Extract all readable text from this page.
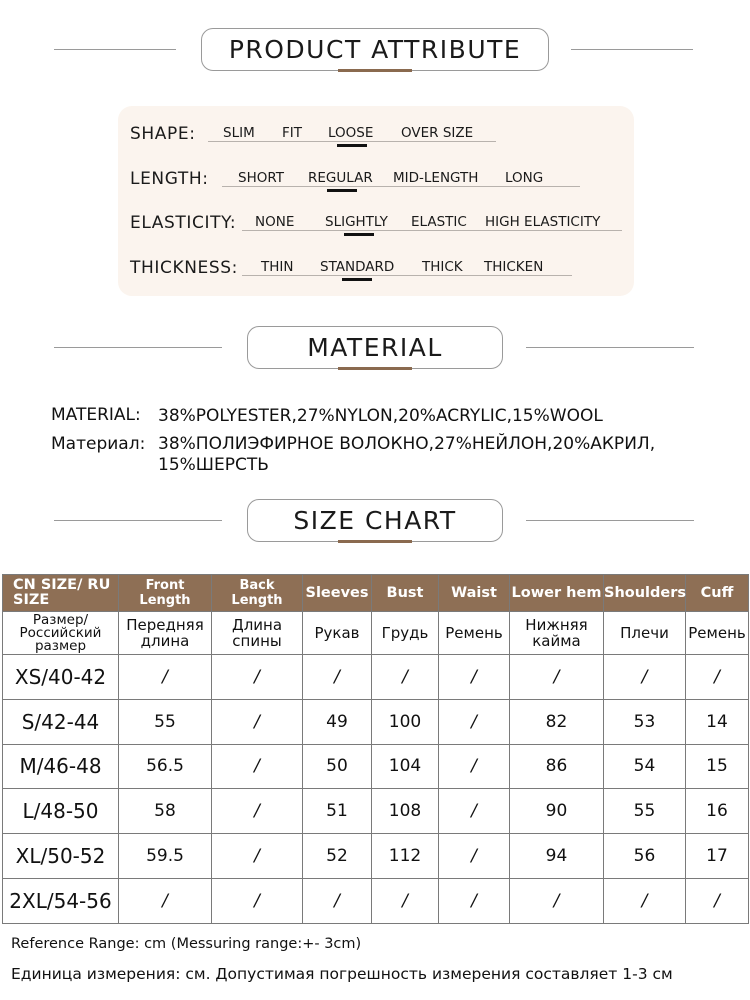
PRODUCT ATTRIBUTE
SHAPE: SLIM FIT LOOSE OVER SIZE
LENGTH: SHORT REGULAR MID-LENGTH LONG
ELASTICITY: NONE SLIGHTLY ELASTIC HIGH ELASTICITY
THICKNESS: THIN STANDARD THICK THICKEN
MATERIAL
MATERIAL: 38%POLYESTER,27%NYLON,20%ACRYLIC,15%WOOL
Материал: 38%ПОЛИЭФИРНОЕ ВОЛОКНО,27%НЕЙЛОН,20%АКРИЛ,
15%ШЕРСТЬ
SIZE CHART
CN SIZE/ RU SIZE	Front Length	Back Length	Sleeves	Bust	Waist	Lower hem	Shoulders	Cuff
Размер/ Российский размер	Передняя длина	Длина спины	Рукав	Грудь	Ремень	Нижняя кайма	Плечи	Ремень
XS/40-42	/	/	/	/	/	/	/	/
S/42-44	55	/	49	100	/	82	53	14
M/46-48	56.5	/	50	104	/	86	54	15
L/48-50	58	/	51	108	/	90	55	16
XL/50-52	59.5	/	52	112	/	94	56	17
2XL/54-56	/	/	/	/	/	/	/	/
Reference Range: cm (Messuring range:+- 3cm)
Единица измерения: см. Допустимая погрешность измерения составляет 1-3 см
